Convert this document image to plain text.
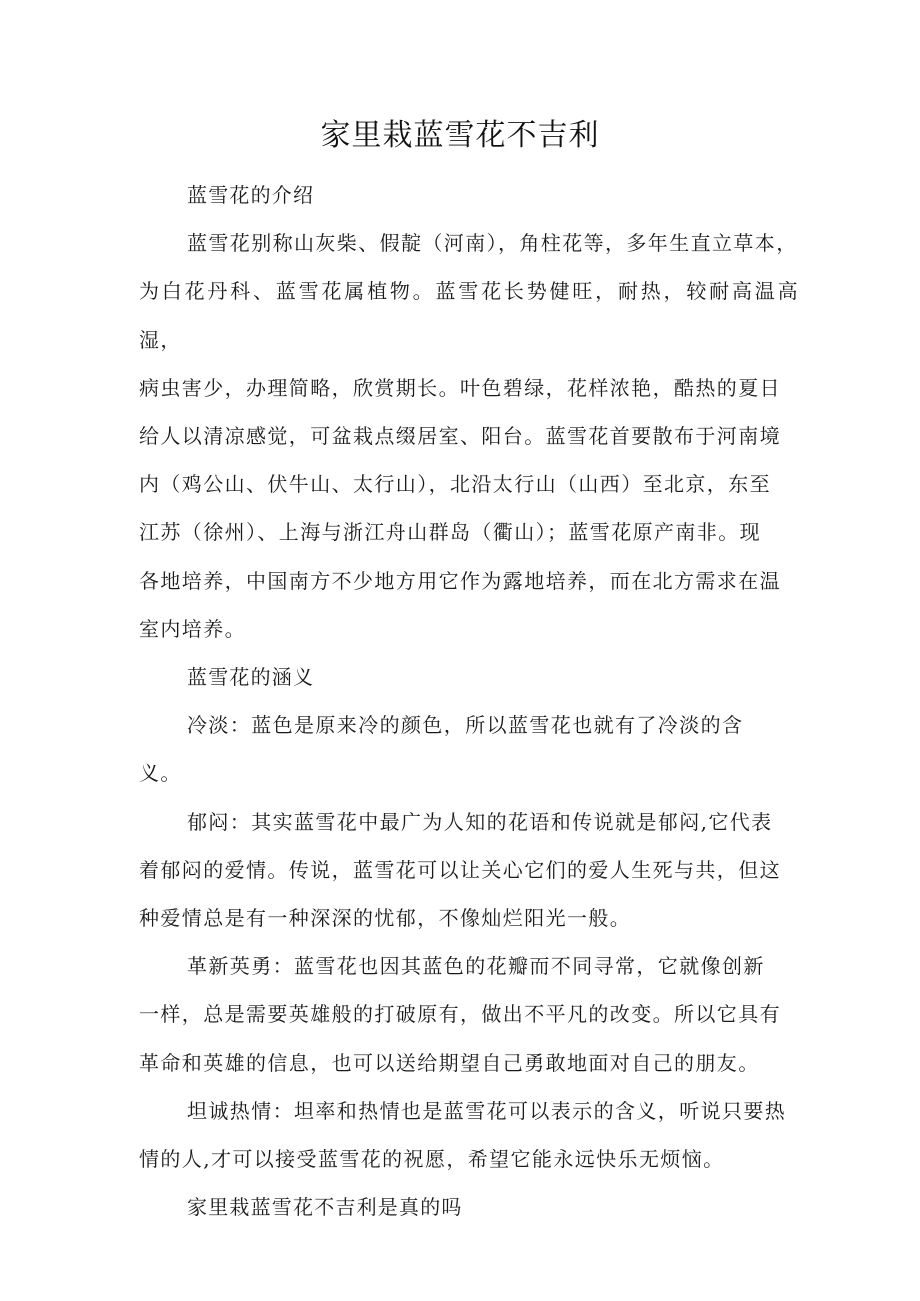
家里栽蓝雪花不吉利
蓝雪花的介绍
蓝雪花别称山灰柴、假靛（河南），角柱花等，多年生直立草本，
为白花丹科、蓝雪花属植物。蓝雪花长势健旺，耐热，较耐高温高湿，
病虫害少，办理简略，欣赏期长。叶色碧绿，花样浓艳，酷热的夏日
给人以清凉感觉，可盆栽点缀居室、阳台。蓝雪花首要散布于河南境
内（鸡公山、伏牛山、太行山），北沿太行山（山西）至北京，东至
江苏（徐州）、上海与浙江舟山群岛（衢山）；蓝雪花原产南非。现
各地培养，中国南方不少地方用它作为露地培养，而在北方需求在温
室内培养。
蓝雪花的涵义
冷淡：蓝色是原来冷的颜色，所以蓝雪花也就有了冷淡的含
义。
郁闷：其实蓝雪花中最广为人知的花语和传说就是郁闷,它代表
着郁闷的爱情。传说，蓝雪花可以让关心它们的爱人生死与共，但这
种爱情总是有一种深深的忧郁，不像灿烂阳光一般。
革新英勇：蓝雪花也因其蓝色的花瓣而不同寻常，它就像创新
一样，总是需要英雄般的打破原有，做出不平凡的改变。所以它具有
革命和英雄的信息，也可以送给期望自己勇敢地面对自己的朋友。
坦诚热情：坦率和热情也是蓝雪花可以表示的含义，听说只要热
情的人,才可以接受蓝雪花的祝愿，希望它能永远快乐无烦恼。
家里栽蓝雪花不吉利是真的吗
